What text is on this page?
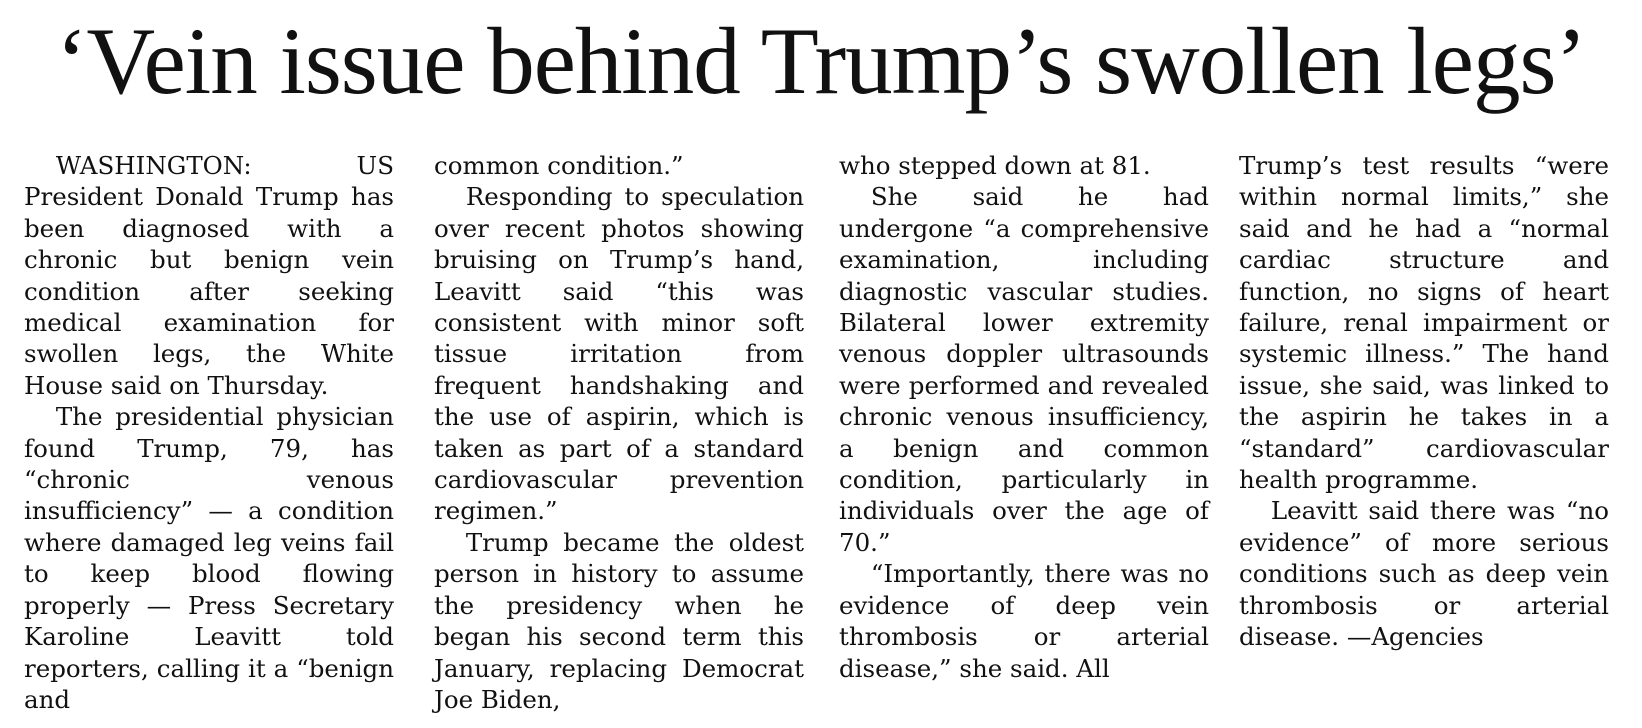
‘Vein issue behind Trump’s swollen legs’

WASHINGTON: US President Donald Trump has been diagnosed with a chronic but benign vein condition after seeking medical examination for swollen legs, the White House said on Thursday.

The presidential physician found Trump, 79, has “chronic venous insufficiency” — a condition where damaged leg veins fail to keep blood flowing properly — Press Secretary Karoline Leavitt told reporters, calling it a “benign and

common condition.”

Responding to speculation over recent photos showing bruising on Trump’s hand, Leavitt said “this was consistent with minor soft tissue irritation from frequent handshaking and the use of aspirin, which is taken as part of a standard cardiovascular prevention regimen.”

Trump became the oldest person in history to assume the presidency when he began his second term this January, replacing Democrat Joe Biden,

who stepped down at 81.

She said he had undergone “a comprehensive examination, including diagnostic vascular studies. Bilateral lower extremity venous doppler ultrasounds were performed and revealed chronic venous insufficiency, a benign and common condition, particularly in individuals over the age of 70.”

“Importantly, there was no evidence of deep vein thrombosis or arterial disease,” she said. All

Trump’s test results “were within normal limits,” she said and he had a “normal cardiac structure and function, no signs of heart failure, renal impairment or systemic illness.” The hand issue, she said, was linked to the aspirin he takes in a “standard” cardiovascular health programme.

Leavitt said there was “no evidence” of more serious conditions such as deep vein thrombosis or arterial disease. —Agencies
